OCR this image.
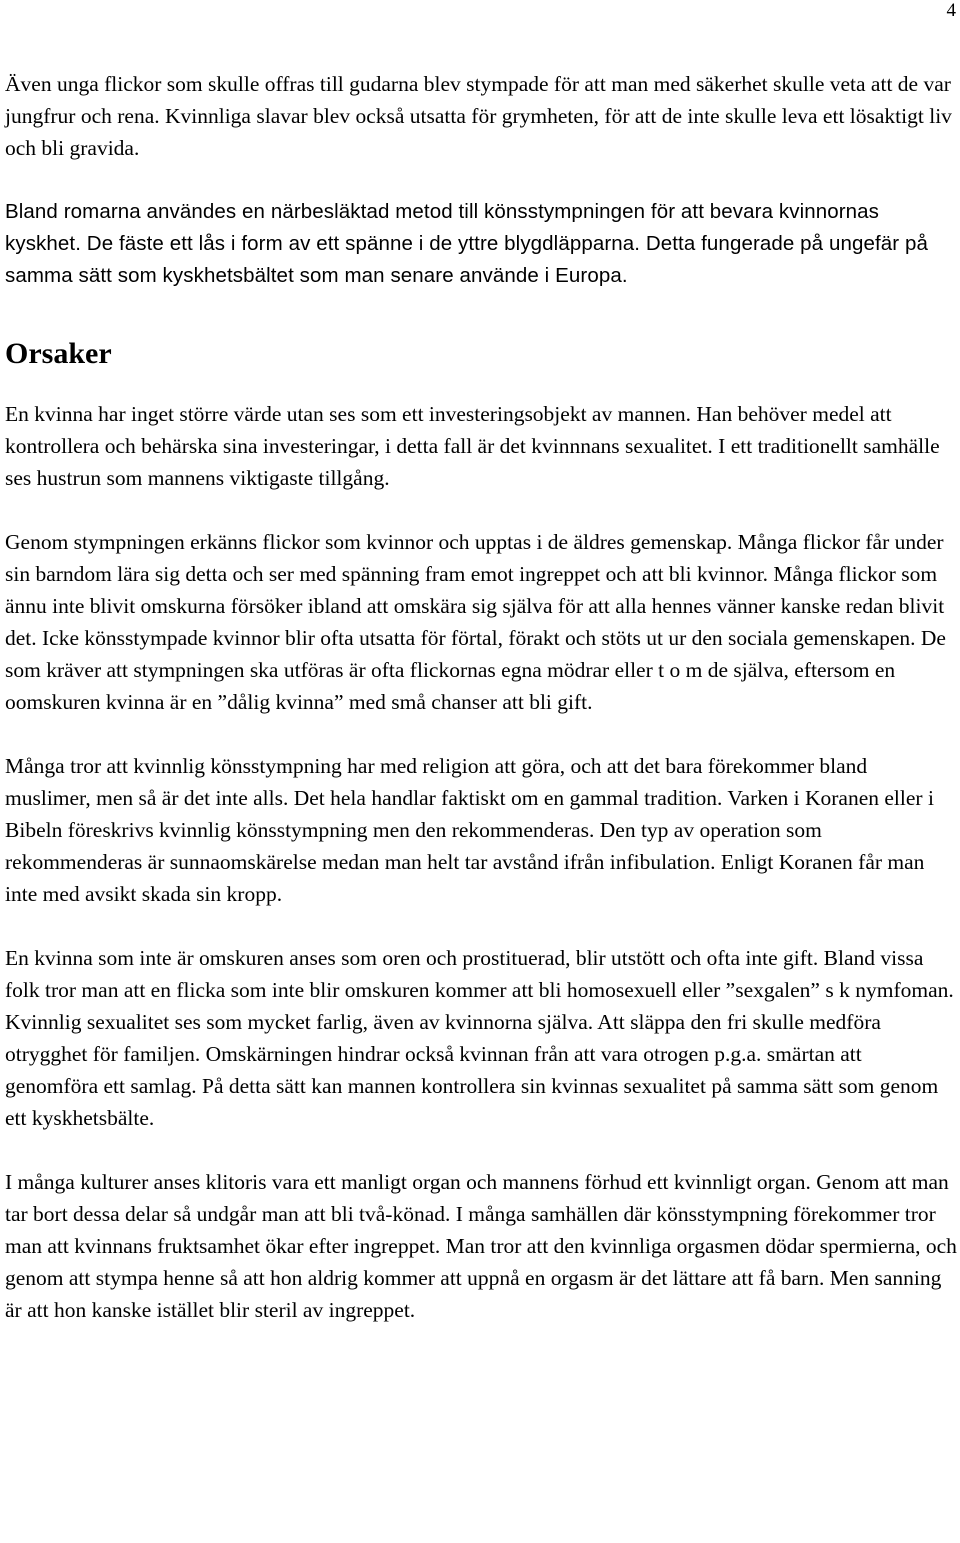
4

Även unga flickor som skulle offras till gudarna blev stympade för att man med säkerhet skulle veta att de var jungfrur och rena. Kvinnliga slavar blev också utsatta för grymheten, för att de inte skulle leva ett lösaktigt liv och bli gravida.

Bland romarna användes en närbesläktad metod till könsstympningen för att bevara kvinnornas kyskhet. De fäste ett lås i form av ett spänne i de yttre blygdläpparna. Detta fungerade på ungefär på samma sätt som kyskhetsbältet som man senare använde i Europa.

Orsaker

En kvinna har inget större värde utan ses som ett investeringsobjekt av mannen. Han behöver medel att kontrollera och behärska sina investeringar, i detta fall är det kvinnnans sexualitet. I ett traditionellt samhälle ses hustrun som mannens viktigaste tillgång.

Genom stympningen erkänns flickor som kvinnor och upptas i de äldres gemenskap. Många flickor får under sin barndom lära sig detta och ser med spänning fram emot ingreppet och att bli kvinnor. Många flickor som ännu inte blivit omskurna försöker ibland att omskära sig själva för att alla hennes vänner kanske redan blivit det. Icke könsstympade kvinnor blir ofta utsatta för förtal, förakt och stöts ut ur den sociala gemenskapen. De som kräver att stympningen ska utföras är ofta flickornas egna mödrar eller t o m de själva, eftersom en oomskuren kvinna är en ”dålig kvinna” med små chanser att bli gift.

Många tror att kvinnlig könsstympning har med religion att göra, och att det bara förekommer bland muslimer, men så är det inte alls. Det hela handlar faktiskt om en gammal tradition. Varken i Koranen eller i Bibeln föreskrivs kvinnlig könsstympning men den rekommenderas. Den typ av operation som rekommenderas är sunnaomskärelse medan man helt tar avstånd ifrån infibulation. Enligt Koranen får man inte med avsikt skada sin kropp.

En kvinna som inte är omskuren anses som oren och prostituerad, blir utstött och ofta inte gift. Bland vissa folk tror man att en flicka som inte blir omskuren kommer att bli homosexuell eller ”sexgalen” s k nymfoman. Kvinnlig sexualitet ses som mycket farlig, även av kvinnorna själva. Att släppa den fri skulle medföra otrygghet för familjen. Omskärningen hindrar också kvinnan från att vara otrogen p.g.a. smärtan att genomföra ett samlag. På detta sätt kan mannen kontrollera sin kvinnas sexualitet på samma sätt som genom ett kyskhetsbälte.

I många kulturer anses klitoris vara ett manligt organ och mannens förhud ett kvinnligt organ. Genom att man tar bort dessa delar så undgår man att bli två-könad. I många samhällen där könsstympning förekommer tror man att kvinnans fruktsamhet ökar efter ingreppet. Man tror att den kvinnliga orgasmen dödar spermierna, och genom att stympa henne så att hon aldrig kommer att uppnå en orgasm är det lättare att få barn. Men sanning är att hon kanske istället blir steril av ingreppet.
